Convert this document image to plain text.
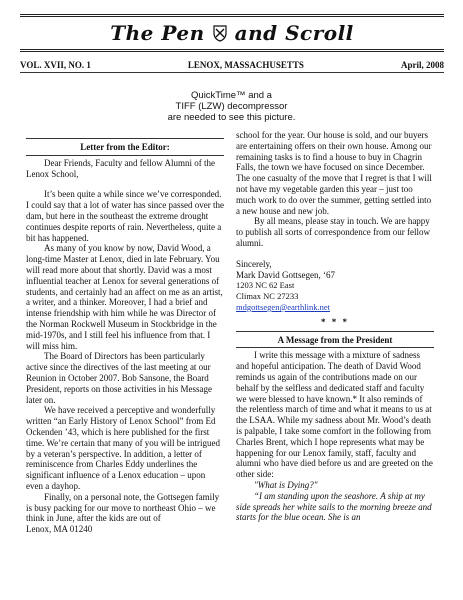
The Pen and Scroll
VOL. XVII, NO. 1	LENOX, MASSACHUSETTS	April, 2008
QuickTime™ and a
TIFF (LZW) decompressor
are needed to see this picture.
Letter from the Editor:

Dear Friends, Faculty and fellow Alumni of the Lenox School,

It’s been quite a while since we’ve corresponded. I could say that a lot of water has since passed over the dam, but here in the southeast the extreme drought continues despite reports of rain. Nevertheless, quite a bit has happened.

As many of you know by now, David Wood, a long-time Master at Lenox, died in late February. You will read more about that shortly. David was a most influential teacher at Lenox for several generations of students, and certainly had an affect on me as an artist, a writer, and a thinker. Moreover, I had a brief and intense friendship with him while he was Director of the Norman Rockwell Museum in Stockbridge in the mid-1970s, and I still feel his influence from that. I will miss him.

The Board of Directors has been particularly active since the directives of the last meeting at our Reunion in October 2007. Bob Sansone, the Board President, reports on those activities in his Message later on.

We have received a perceptive and wonderfully written “an Early History of Lenox School” from Ed Ockenden ’43, which is here published for the first time. We’re certain that many of you will be intrigued by a veteran’s perspective. In addition, a letter of reminiscence from Charles Eddy underlines the significant influence of a Lenox education – upon even a dayhop.

Finally, on a personal note, the Gottsegen family is busy packing for our move to northeast Ohio – we think in June, after the kids are out of

Lenox, MA 01240

school for the year. Our house is sold, and our buyers are entertaining offers on their own house. Among our remaining tasks is to find a house to buy in Chagrin Falls, the town we have focused on since December. The one casualty of the move that I regret is that I will not have my vegetable garden this year – just too much work to do over the summer, getting settled into a new house and new job.

By all means, please stay in touch. We are happy to publish all sorts of correspondence from our fellow alumni.

Sincerely,

Mark David Gottsegen, ‘67

1203 NC 62 East

Climax NC 27233

mdgottsegen@earthlink.net

* * *
A Message from the President

I write this message with a mixture of sadness and hopeful anticipation. The death of David Wood reminds us again of the contributions made on our behalf by the selfless and dedicated staff and faculty we were blessed to have known.* It also reminds of the relentless march of time and what it means to us at the LSAA. While my sadness about Mr. Wood’s death is palpable, I take some comfort in the following from Charles Brent, which I hope represents what may be happening for our Lenox family, staff, faculty and alumni who have died before us and are greeted on the other side:

"What is Dying?"

“I am standing upon the seashore. A ship at my side spreads her white sails to the morning breeze and starts for the blue ocean. She is an
